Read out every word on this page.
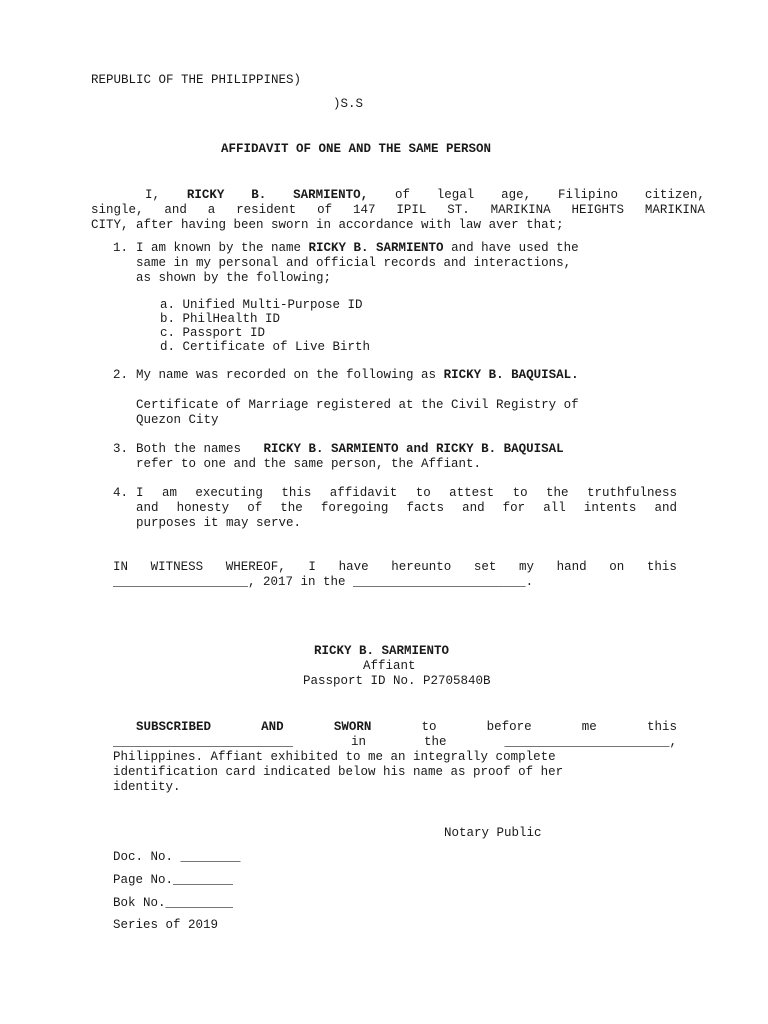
REPUBLIC OF THE PHILIPPINES)
)S.S
AFFIDAVIT OF ONE AND THE SAME PERSON
I, RICKY B. SARMIENTO, of legal age, Filipino citizen,
single, and a resident of 147 IPIL ST. MARIKINA HEIGHTS MARIKINA
CITY, after having been sworn in accordance with law aver that;
1. I am known by the name RICKY B. SARMIENTO and have used the
same in my personal and official records and interactions,
as shown by the following;
a. Unified Multi-Purpose ID
b. PhilHealth ID
c. Passport ID
d. Certificate of Live Birth
2. My name was recorded on the following as RICKY B. BAQUISAL.
Certificate of Marriage registered at the Civil Registry of
Quezon City
3. Both the names   RICKY B. SARMIENTO and RICKY B. BAQUISAL
refer to one and the same person, the Affiant.
4. I am executing this affidavit to attest to the truthfulness
and honesty of the foregoing facts and for all intents and
purposes it may serve.
IN WITNESS WHEREOF, I have hereunto set my hand on this
__________________, 2017 in the _______________________.
RICKY B. SARMIENTO
Affiant
Passport ID No. P2705840B
SUBSCRIBED	AND	SWORN	to	before	me	this
________________________	in	the	______________________,
Philippines. Affiant exhibited to me an integrally complete
identification card indicated below his name as proof of her
identity.
Notary Public
Doc. No. ________
Page No.________
Bok No._________
Series of 2019
